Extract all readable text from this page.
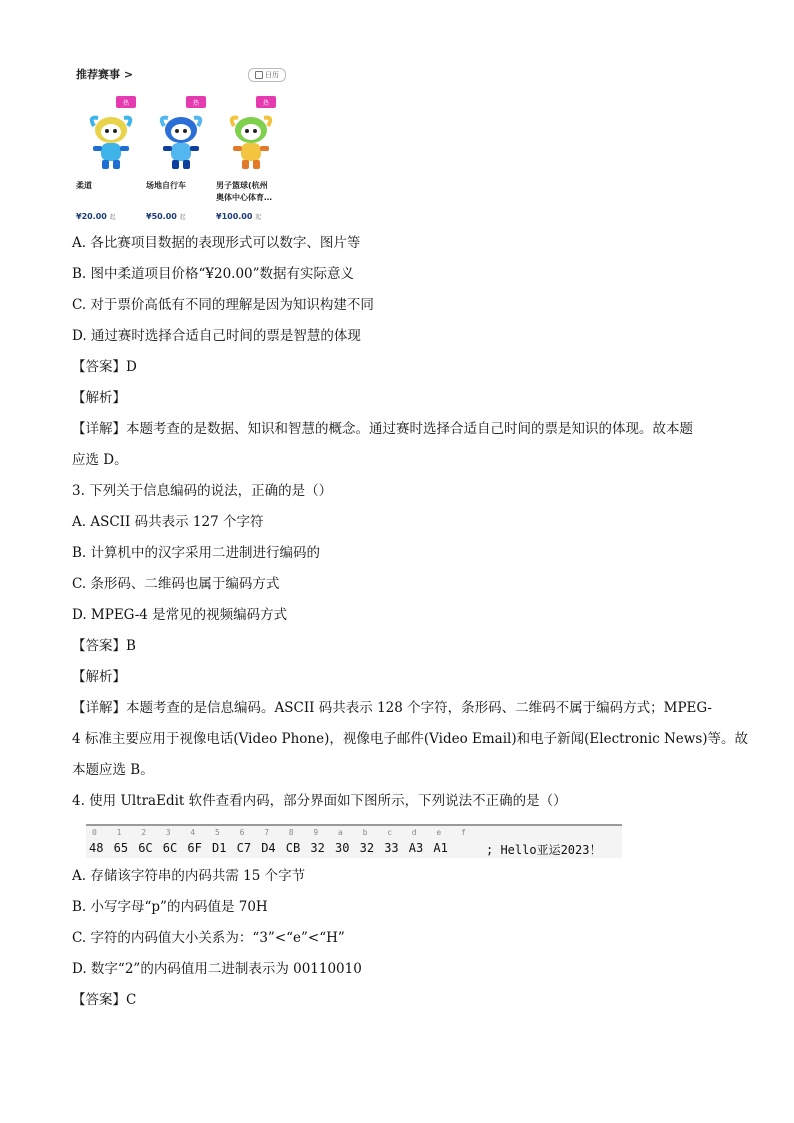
推荐赛事 >	日历
热
柔道
¥20.00 起
热
场地自行车
¥50.00 起
热
男子篮球(杭州
奥体中心体育…
¥100.00 起
A. 各比赛项目数据的表现形式可以数字、图片等
B. 图中柔道项目价格“¥20.00”数据有实际意义
C. 对于票价高低有不同的理解是因为知识构建不同
D. 通过赛时选择合适自己时间的票是智慧的体现
【答案】D
【解析】
【详解】本题考查的是数据、知识和智慧的概念。通过赛时选择合适自己时间的票是知识的体现。故本题
应选 D。
3. 下列关于信息编码的说法，正确的是（）
A. ASCII 码共表示 127 个字符
B. 计算机中的汉字采用二进制进行编码的
C. 条形码、二维码也属于编码方式
D. MPEG-4 是常见的视频编码方式
【答案】B
【解析】
【详解】本题考查的是信息编码。ASCII 码共表示 128 个字符，条形码、二维码不属于编码方式；MPEG-
4 标准主要应用于视像电话(Video Phone)，视像电子邮件(Video Email)和电子新闻(Electronic News)等。故
本题应选 B。
4. 使用 UltraEdit 软件查看内码，部分界面如下图所示，下列说法不正确的是（）
A. 存储该字符串的内码共需 15 个字节
B. 小写字母“p”的内码值是 70H
C. 字符的内码值大小关系为：“3”<“e”<“H”
D. 数字“2”的内码值用二进制表示为 00110010
【答案】C
0 1 2 3 4 5 6 7 8 9 a b c d e f
48 65 6C 6C 6F D1 C7 D4 CB 32 30 32 33 A3 A1	; Hello亚运2023！
